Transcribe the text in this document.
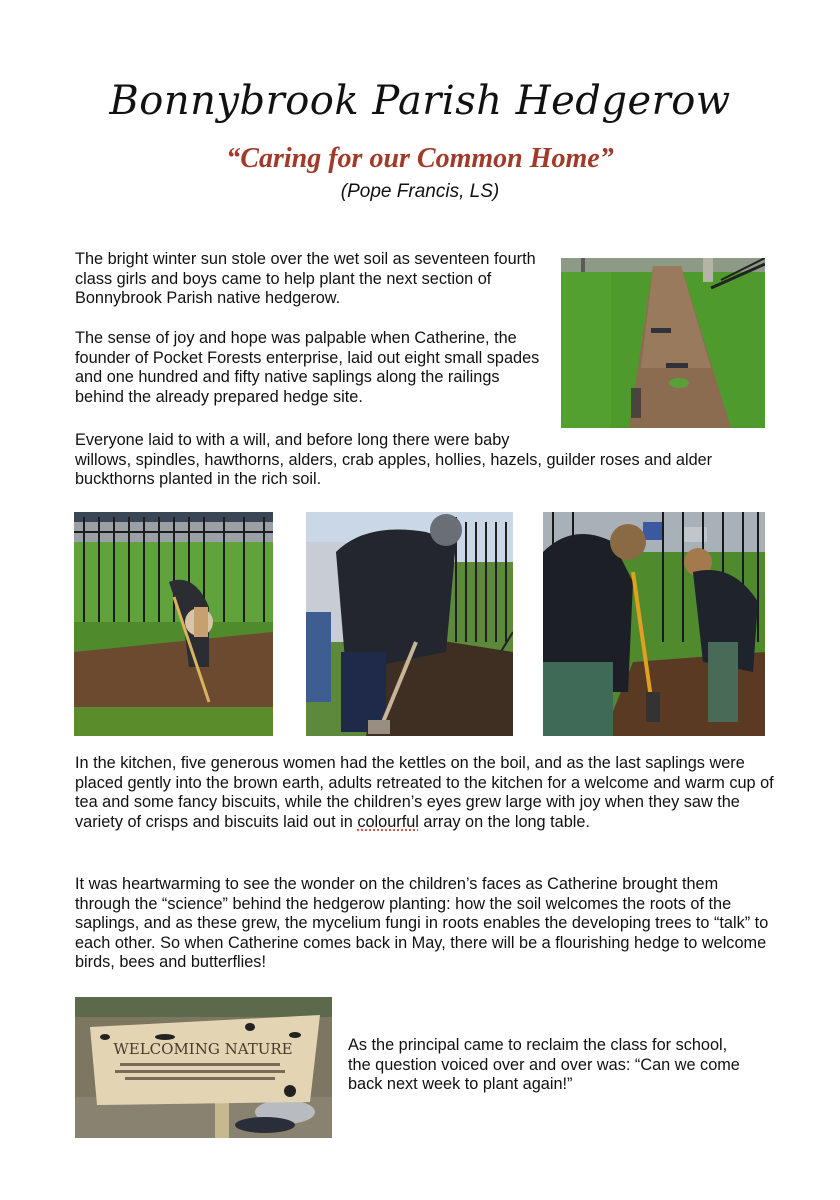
Bonnybrook Parish Hedgerow
“Caring for our Common Home”
(Pope Francis, LS)

The bright winter sun stole over the wet soil as seventeen fourth class girls and boys came to help plant the next section of Bonnybrook Parish native hedgerow.

The sense of joy and hope was palpable when Catherine, the founder of Pocket Forests enterprise, laid out eight small spades and one hundred and fifty native saplings along the railings behind the already prepared hedge site.

Everyone laid to with a will, and before long there were baby
willows, spindles, hawthorns, alders, crab apples, hollies, hazels, guilder roses and alder buckthorns planted in the rich soil.

In the kitchen, five generous women had the kettles on the boil, and as the last saplings were placed gently into the brown earth, adults retreated to the kitchen for a welcome and warm cup of tea and some fancy biscuits, while the children’s eyes grew large with joy when they saw the variety of crisps and biscuits laid out in colourful array on the long table.

It was heartwarming to see the wonder on the children’s faces as Catherine brought them through the “science” behind the hedgerow planting: how the soil welcomes the roots of the saplings, and as these grew, the mycelium fungi in roots enables the developing trees to “talk” to each other. So when Catherine comes back in May, there will be a flourishing hedge to welcome birds, bees and butterflies!

WELCOMING NATURE	As the principal came to reclaim the class for school, the question voiced over and over was: “Can we come back next week to plant again!”
